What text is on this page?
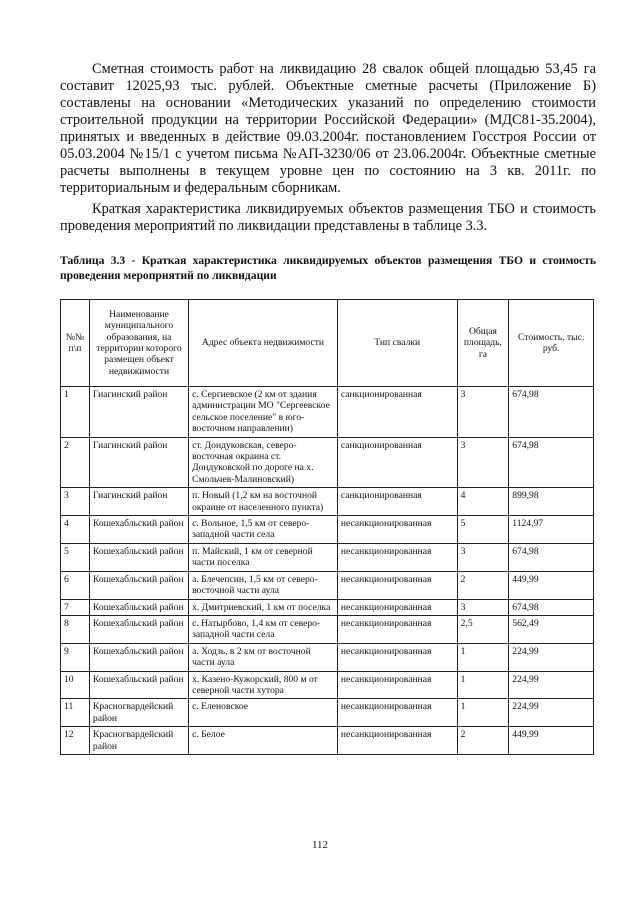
Сметная стоимость работ на ликвидацию 28 свалок общей площадью 53,45 га составит 12025,93 тыс. рублей. Объектные сметные расчеты (Приложение Б) составлены на основании «Методических указаний по определению стоимости строительной продукции на территории Российской Федерации» (МДС81-35.2004), принятых и введенных в действие 09.03.2004г. постановлением Госстроя России от 05.03.2004 №15/1 с учетом письма №АП-3230/06 от 23.06.2004г. Объектные сметные расчеты выполнены в текущем уровне цен по состоянию на 3 кв. 2011г. по территориальным и федеральным сборникам.

Краткая характеристика ликвидируемых объектов размещения ТБО и стоимость проведения мероприятий по ликвидации представлены в таблице 3.3.

Таблица 3.3 - Краткая характеристика ликвидируемых объектов размещения ТБО и стоимость проведения мероприятий по ликвидации

№№ п\п	Наименование муниципального образования, на территории которого размещен объект недвижимости	Адрес объекта недвижимости	Тип свалки	Общая площадь, га	Стоимость, тыс. руб.
1	Гиагинский район	с. Сергиевское (2 км от здания администрации МО "Сергеевское сельское поселение" в юго-восточном направлении)	санкционированная	3	674,98
2	Гиагинский район	ст. Дондуковская, северо-восточная окраина ст. Дондуковской по дороге на х. Смольчев-Малиновский)	санкционированная	3	674,98
3	Гиагинский район	п. Новый (1,2 км на восточной окраине от населенного пункта)	санкционированная	4	899,98
4	Кошехабльский район	с. Вольное, 1,5 км от северо-западной части села	несанкционированная	5	1124,97
5	Кошехабльский район	п. Майский, 1 км от северной части поселка	несанкционированная	3	674,98
6	Кошехабльский район	а. Блечепсин, 1,5 км от северо-восточной части аула	несанкционированная	2	449,99
7	Кошехабльский район	х. Дмитриевский, 1 км от поселка	несанкционированная	3	674,98
8	Кошехабльский район	с. Натырбово, 1,4 км от северо-западной части села	несанкционированная	2,5	562,49
9	Кошехабльский район	а. Ходзь, в 2 км от восточной части аула	несанкционированная	1	224,99
10	Кошехабльский район	х. Казено-Кужорский, 800 м от северной части хутора	несанкционированная	1	224,99
11	Красногвардейский район	с. Еленовское	несанкционированная	1	224,99
12	Красногвардейский район	с. Белое	несанкционированная	2	449,99
112
